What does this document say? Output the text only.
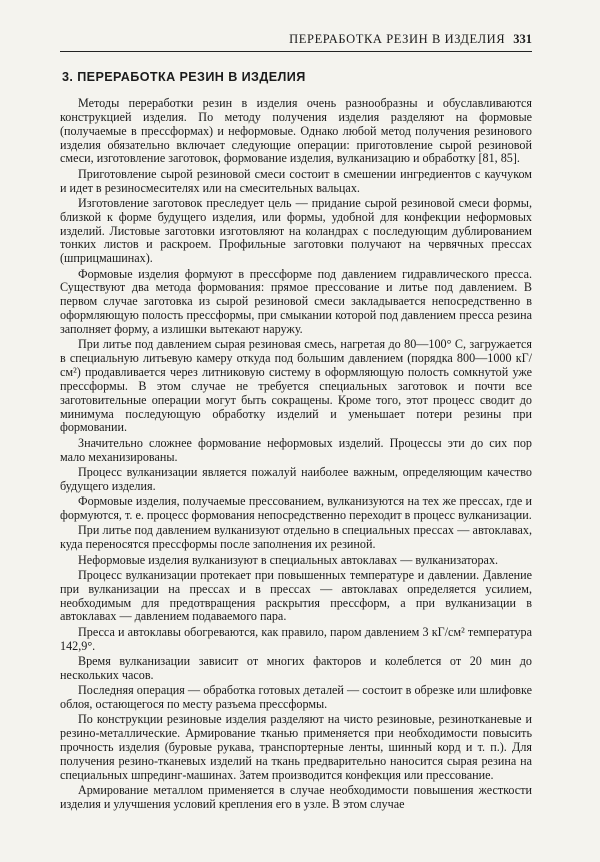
ПЕРЕРАБОТКА РЕЗИН В ИЗДЕЛИЯ 331
3. ПЕРЕРАБОТКА РЕЗИН В ИЗДЕЛИЯ

Методы переработки резин в изделия очень разнообразны и обуславливаются конструкцией изделия. По методу получения изделия разделяют на формовые (получаемые в прессформах) и неформовые. Однако любой метод получения резинового изделия обязательно включает следующие операции: приготовление сырой резиновой смеси, изготовление заготовок, формование изделия, вулканизацию и обработку [81, 85].

Приготовление сырой резиновой смеси состоит в смешении ингредиентов с каучуком и идет в резиносмесителях или на смесительных вальцах.

Изготовление заготовок преследует цель — придание сырой резиновой смеси формы, близкой к форме будущего изделия, или формы, удобной для конфекции неформовых изделий. Листовые заготовки изготовляют на коландрах с последующим дублированием тонких листов и раскроем. Профильные заготовки получают на червячных прессах (шприцмашинах).

Формовые изделия формуют в прессформе под давлением гидравлического пресса. Существуют два метода формования: прямое прессование и литье под давлением. В первом случае заготовка из сырой резиновой смеси закладывается непосредственно в оформляющую полость прессформы, при смыкании которой под давлением пресса резина заполняет форму, а излишки вытекают наружу.

При литье под давлением сырая резиновая смесь, нагретая до 80—100° С, загружается в специальную литьевую камеру откуда под большим давлением (порядка 800—1000 кГ/см²) продавливается через литниковую систему в оформляющую полость сомкнутой уже прессформы. В этом случае не требуется специальных заготовок и почти все заготовительные операции могут быть сокращены. Кроме того, этот процесс сводит до минимума последующую обработку изделий и уменьшает потери резины при формовании.

Значительно сложнее формование неформовых изделий. Процессы эти до сих пор мало механизированы.

Процесс вулканизации является пожалуй наиболее важным, определяющим качество будущего изделия.

Формовые изделия, получаемые прессованием, вулканизуются на тех же прессах, где и формуются, т. е. процесс формования непосредственно переходит в процесс вулканизации.

При литье под давлением вулканизуют отдельно в специальных прессах — автоклавах, куда переносятся прессформы после заполнения их резиной.

Неформовые изделия вулканизуют в специальных автоклавах — вулканизаторах.

Процесс вулканизации протекает при повышенных температуре и давлении. Давление при вулканизации на прессах и в прессах — автоклавах определяется усилием, необходимым для предотвращения раскрытия прессформ, а при вулканизации в автоклавах — давлением подаваемого пара.

Пресса и автоклавы обогреваются, как правило, паром давлением 3 кГ/см² температура 142,9°.

Время вулканизации зависит от многих факторов и колеблется от 20 мин до нескольких часов.

Последняя операция — обработка готовых деталей — состоит в обрезке или шлифовке облоя, остающегося по месту разъема прессформы.

По конструкции резиновые изделия разделяют на чисто резиновые, резинотканевые и резино-металлические. Армирование тканью применяется при необходимости повысить прочность изделия (буровые рукава, транспортерные ленты, шинный корд и т. п.). Для получения резино-тканевых изделий на ткань предварительно наносится сырая резина на специальных шпрединг-машинах. Затем производится конфекция или прессование.

Армирование металлом применяется в случае необходимости повышения жесткости изделия и улучшения условий крепления его в узле. В этом случае
